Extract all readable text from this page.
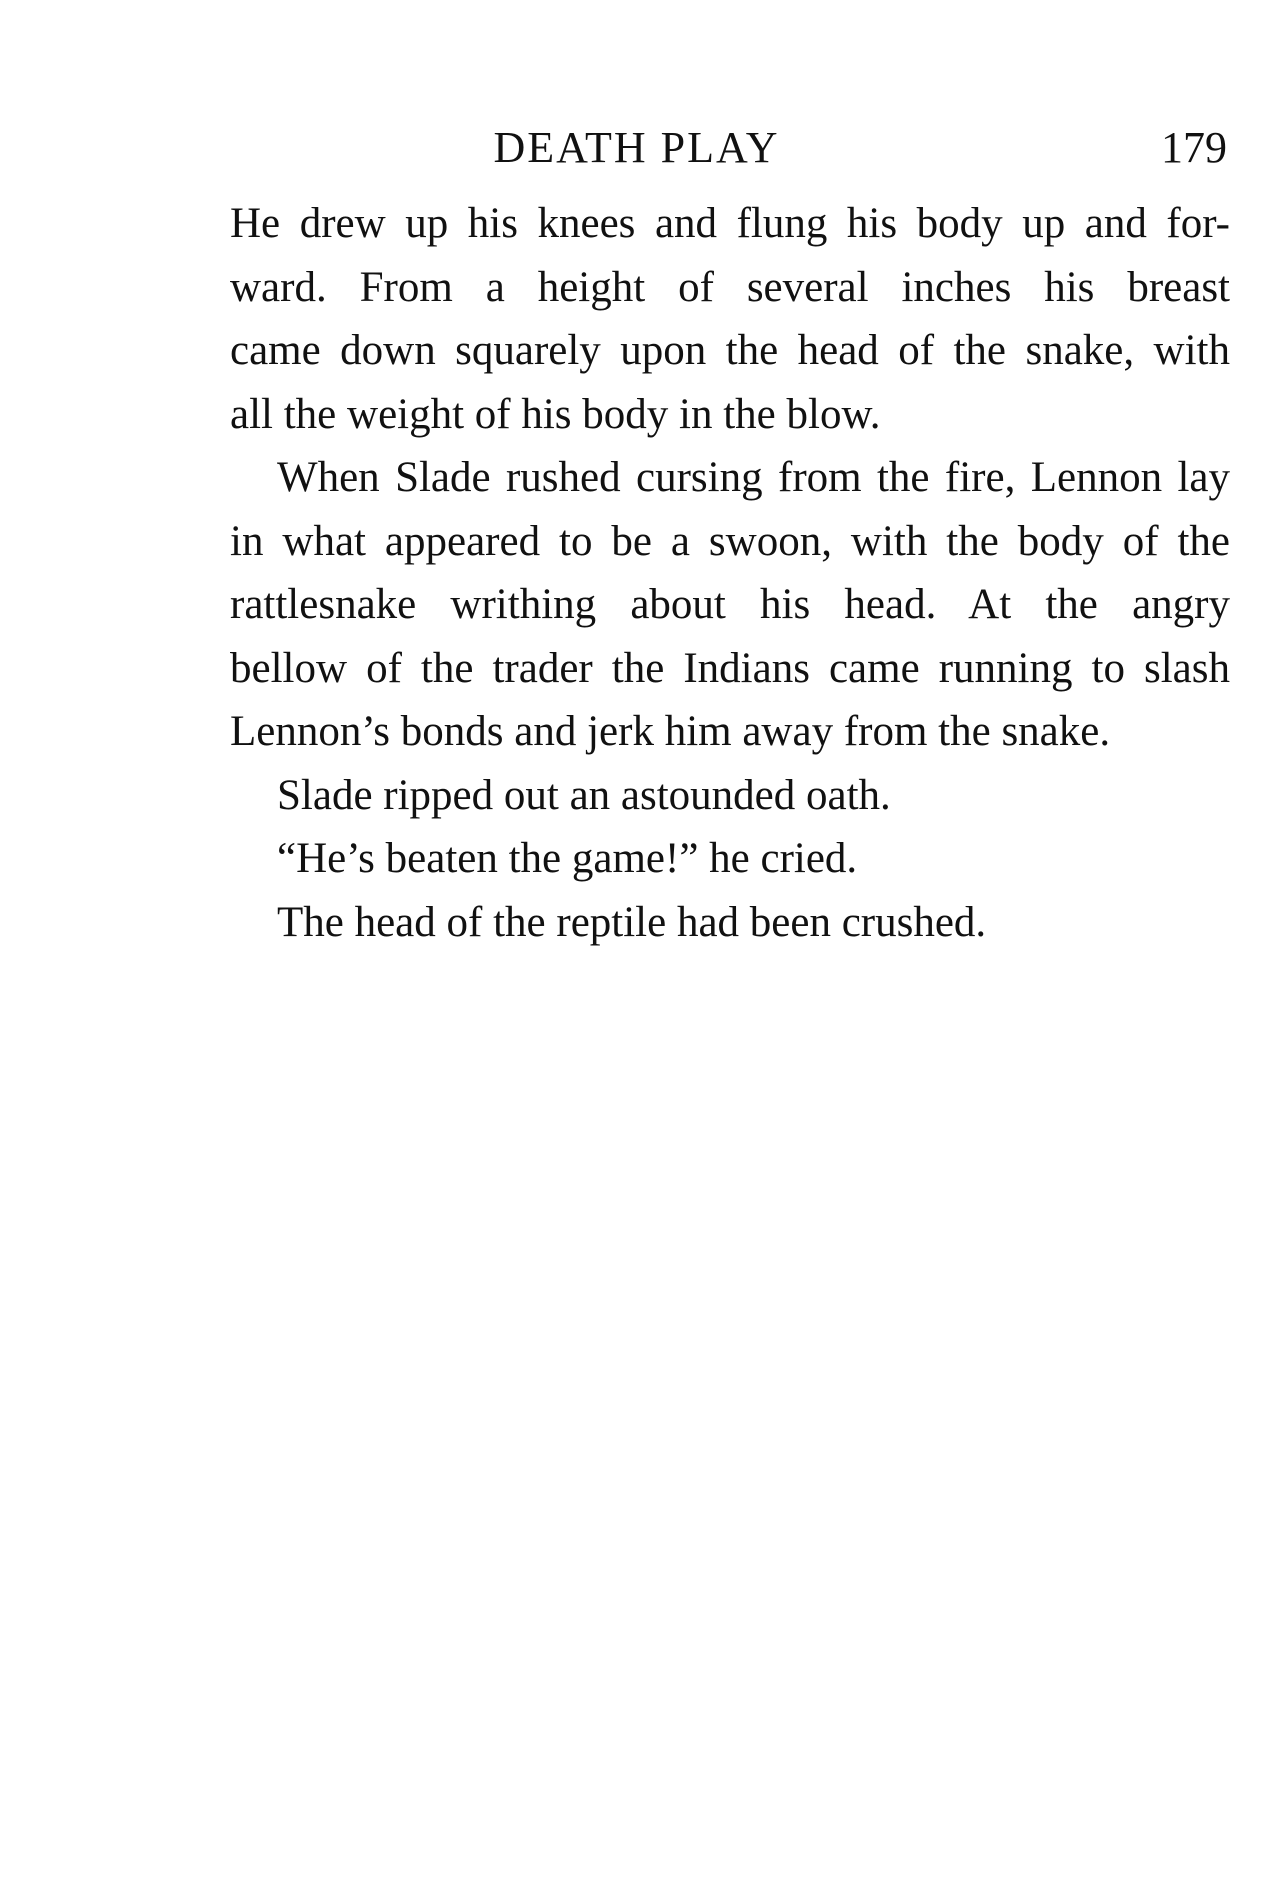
DEATH PLAY	179

He drew up his knees and flung his body up and for-
ward. From a height of several inches his breast
came down squarely upon the head of the snake, with
all the weight of his body in the blow.

When Slade rushed cursing from the fire, Lennon lay
in what appeared to be a swoon, with the body of the
rattlesnake writhing about his head. At the angry
bellow of the trader the Indians came running to slash
Lennon’s bonds and jerk him away from the snake.

Slade ripped out an astounded oath.

“He’s beaten the game!” he cried.

The head of the reptile had been crushed.
